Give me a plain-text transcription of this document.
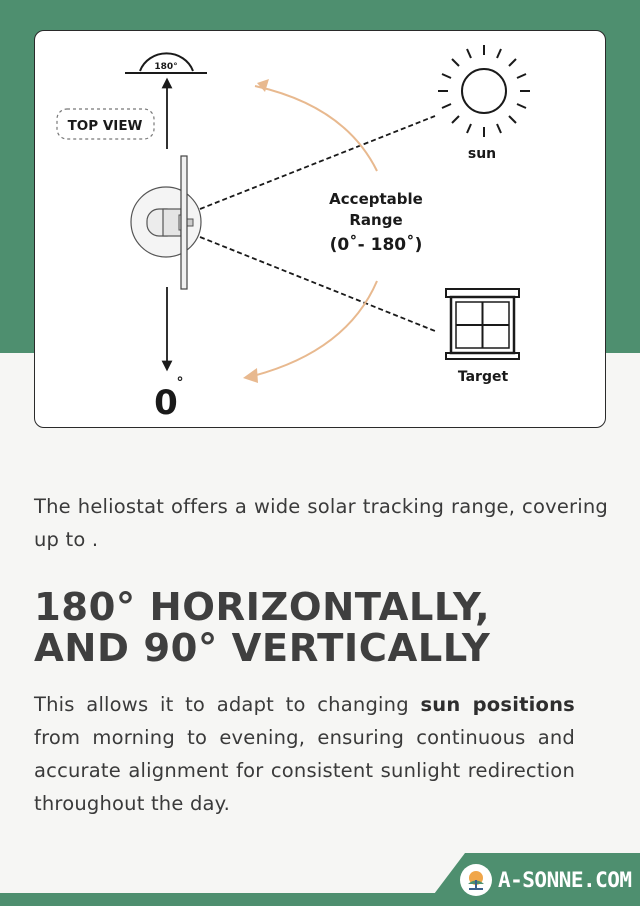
180°
TOP VIEW
Acceptable
Range
(0˚- 180˚)
sun
Target
0
°

The heliostat offers a wide solar tracking range, covering up to .

180° HORIZONTALLY,
AND 90° VERTICALLY

This allows it to adapt to changing sun positions from morning to evening, ensuring continuous and accurate alignment for consistent sunlight redirection throughout the day.

A-SONNE.COM
